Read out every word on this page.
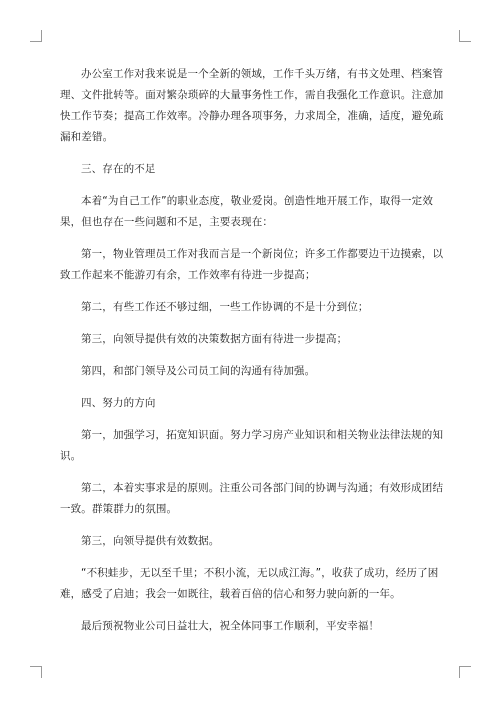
办公室工作对我来说是一个全新的领域，工作千头万绪，有书文处理、档案管理、文件批转等。面对繁杂琐碎的大量事务性工作，需自我强化工作意识。注意加快工作节奏；提高工作效率。冷静办理各项事务，力求周全，准确，适度，避免疏漏和差错。

三、存在的不足

本着“为自己工作”的职业态度，敬业爱岗。创造性地开展工作，取得一定效果，但也存在一些问题和不足，主要表现在：

第一，物业管理员工作对我而言是一个新岗位；许多工作都要边干边摸索，以致工作起来不能游刃有余，工作效率有待进一步提高；

第二，有些工作还不够过细，一些工作协调的不是十分到位；

第三，向领导提供有效的决策数据方面有待进一步提高；

第四，和部门领导及公司员工间的沟通有待加强。

四、努力的方向

第一，加强学习，拓宽知识面。努力学习房产业知识和相关物业法律法规的知识。

第二，本着实事求是的原则。注重公司各部门间的协调与沟通；有效形成团结一致。群策群力的氛围。

第三，向领导提供有效数据。

“不积蛙步，无以至千里；不积小流，无以成江海。”，收获了成功，经历了困难，感受了启迪；我会一如既往，载着百倍的信心和努力驶向新的一年。

最后预祝物业公司日益壮大，祝全体同事工作顺利，平安幸福！
